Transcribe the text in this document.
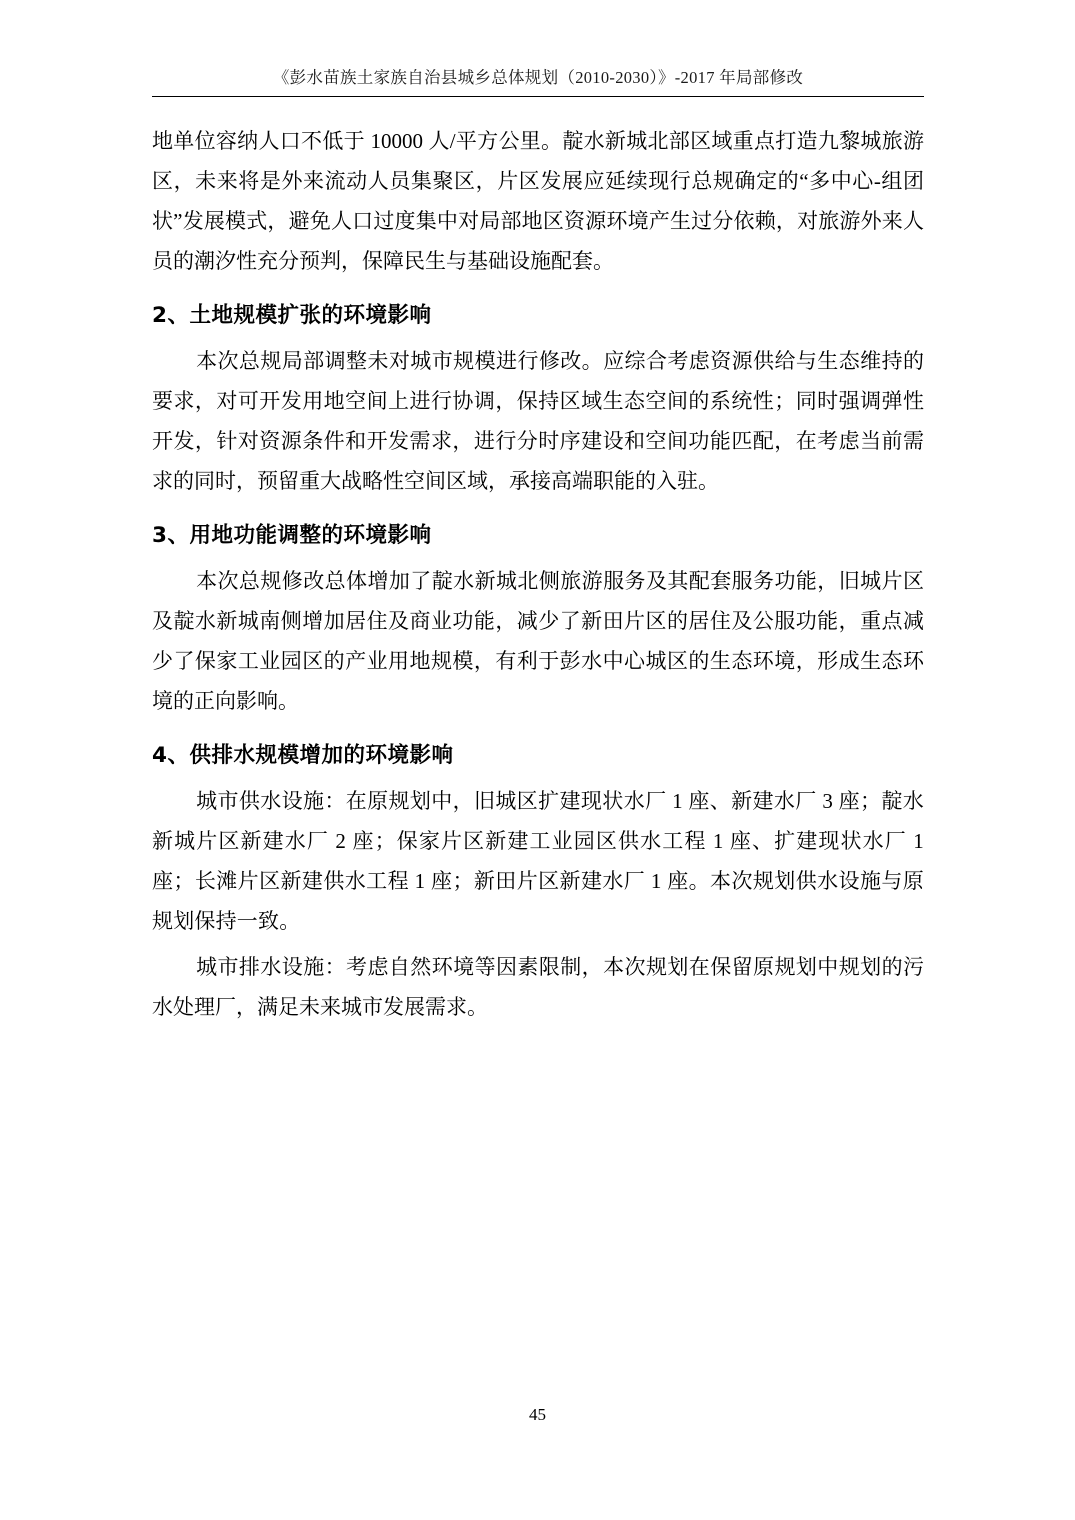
《彭水苗族土家族自治县城乡总体规划（2010-2030）》-2017 年局部修改

地单位容纳人口不低于 10000 人/平方公里。靛水新城北部区域重点打造九黎城旅游区，未来将是外来流动人员集聚区，片区发展应延续现行总规确定的“多中心-组团状”发展模式，避免人口过度集中对局部地区资源环境产生过分依赖，对旅游外来人员的潮汐性充分预判，保障民生与基础设施配套。

2、土地规模扩张的环境影响

本次总规局部调整未对城市规模进行修改。应综合考虑资源供给与生态维持的要求，对可开发用地空间上进行协调，保持区域生态空间的系统性；同时强调弹性开发，针对资源条件和开发需求，进行分时序建设和空间功能匹配，在考虑当前需求的同时，预留重大战略性空间区域，承接高端职能的入驻。

3、用地功能调整的环境影响

本次总规修改总体增加了靛水新城北侧旅游服务及其配套服务功能，旧城片区及靛水新城南侧增加居住及商业功能，减少了新田片区的居住及公服功能，重点减少了保家工业园区的产业用地规模，有利于彭水中心城区的生态环境，形成生态环境的正向影响。

4、供排水规模增加的环境影响

城市供水设施：在原规划中，旧城区扩建现状水厂 1 座、新建水厂 3 座；靛水新城片区新建水厂 2 座；保家片区新建工业园区供水工程 1 座、扩建现状水厂 1 座；长滩片区新建供水工程 1 座；新田片区新建水厂 1 座。本次规划供水设施与原规划保持一致。

城市排水设施：考虑自然环境等因素限制，本次规划在保留原规划中规划的污水处理厂，满足未来城市发展需求。

45
